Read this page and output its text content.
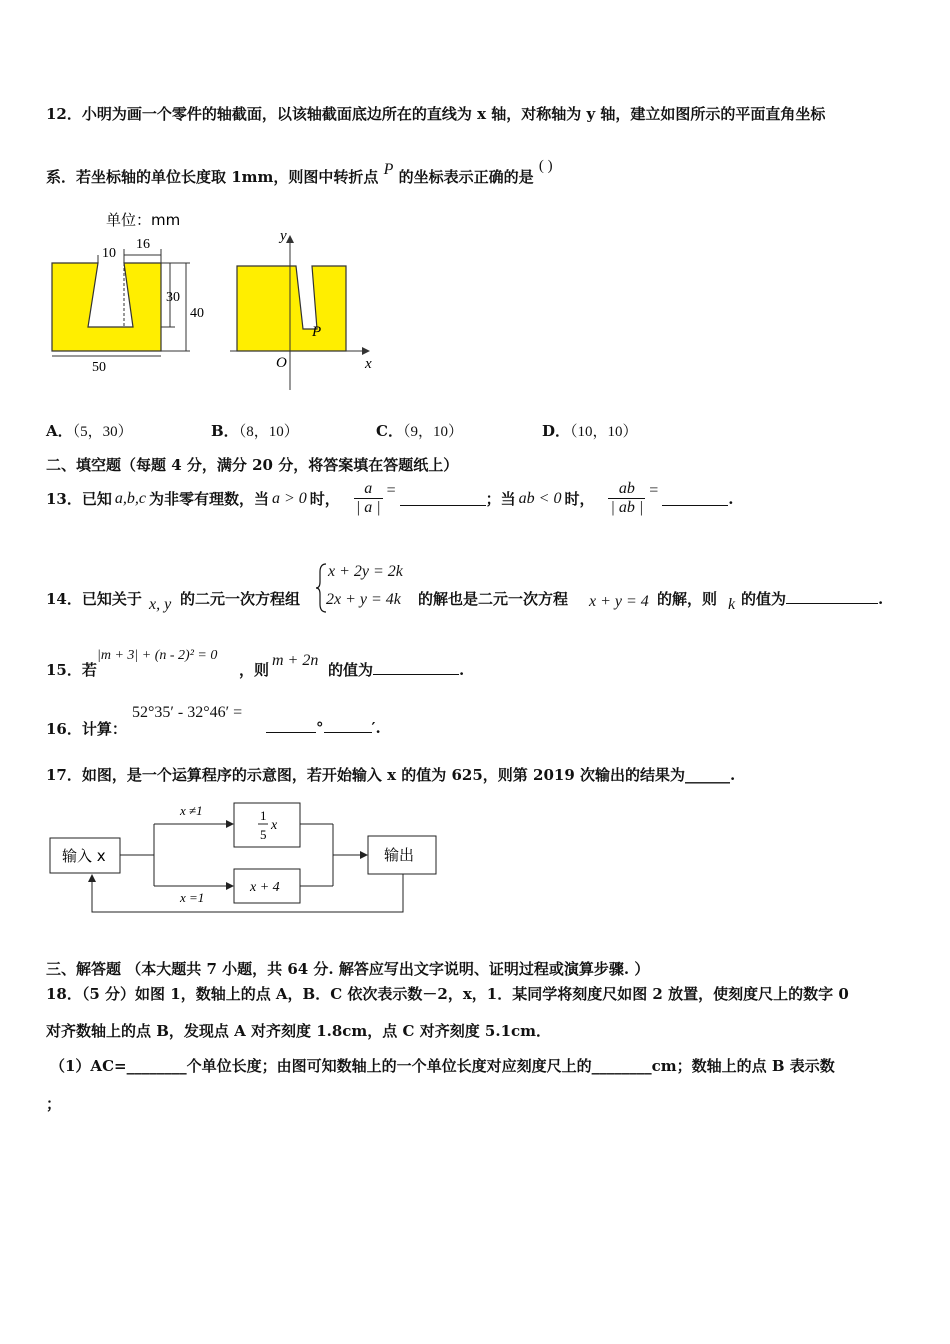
12．小明为画一个零件的轴截面，以该轴截面底边所在的直线为 x 轴，对称轴为 y 轴，建立如图所示的平面直角坐标
系．若坐标轴的单位长度取 1mm，则图中转折点 P 的坐标表示正确的是 ( )
单位：mm
10
16
30
40
50
y
x
O
P
A．（5，30）	B．（8，10）	C．（9，10）	D．（10，10）
二、填空题（每题 4 分，满分 20 分，将答案填在答题纸上）
13．已知 a,b,c 为非零有理数，当 a > 0 时， $\frac{a}{| a |}$ =	；当 ab < 0 时， $\frac{ab}{| ab |}$ =	.
14．已知关于 x, y 的二元一次方程组
x + 2y = 2k
2x + y = 4k 的解也是二元一次方程 x + y = 4 的解，则 k 的值为	.
15．若
|m + 3| + (n - 2)² = 0
，则
m + 2n
的值为	.
16．计算：
52°35′ - 32°46′ =
°	′.
17．如图，是一个运算程序的示意图，若开始输入 x 的值为 625，则第 2019 次输出的结果为______.
输入 x
1
5
x
x + 4
输出
x ≠1
x =1
三、解答题 （本大题共 7 小题，共 64 分. 解答应写出文字说明、证明过程或演算步骤. ）
18．（5 分）如图 1，数轴上的点 A，B．C 依次表示数－2，x，1．某同学将刻度尺如图 2 放置，使刻度尺上的数字 0
对齐数轴上的点 B，发现点 A 对齐刻度 1.8cm，点 C 对齐刻度 5.1cm．
（1）AC=________个单位长度；由图可知数轴上的一个单位长度对应刻度尺上的________cm；数轴上的点 B 表示数
；
